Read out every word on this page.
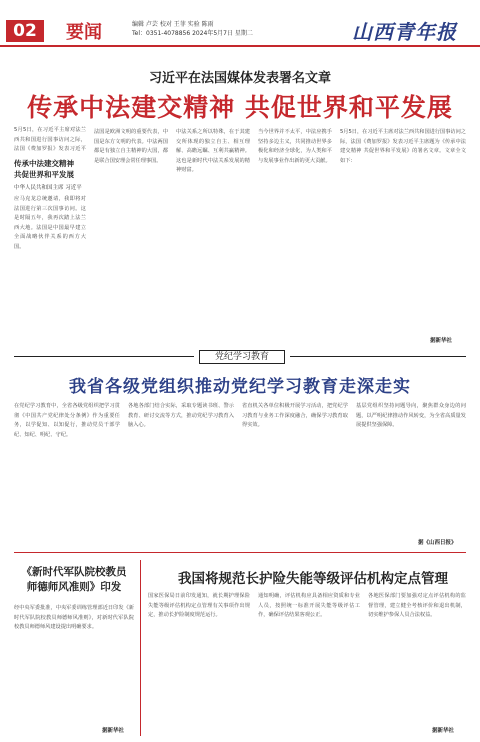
02	要闻	编辑 卢芸 校对 王菲 实验 陈雨
Tel：0351-4078856 2024年5月7日 星期二	山西青年报
习近平在法国媒体发表署名文章
传承中法建交精神 共促世界和平发展
5月5日，在习近平主席对法兰西共和国进行国事访问之际，法国《费加罗报》发表习近平
传承中法建交精神
共促世界和平发展
中华人民共和国主席 习近平
应马克龙总统邀请，我即将对法国进行第三次国事访问。这是时隔五年，我再次踏上法兰西大地。法国是中国最早建立全面战略伙伴关系的西方大国。
法国是欧洲文明的重要代表，中国是东方文明的代表。中法两国都是有独立自主精神的大国，都是联合国安理会常任理事国。
中法关系之所以特殊，在于其建交所体现的独立自主、相互理解、高瞻远瞩、互利共赢精神。这也是新时代中法关系发展的精神财富。
当今世界并不太平，中法应携手坚持多边主义，共同推动世界多极化和经济全球化，为人类和平与发展事业作出新的更大贡献。
5月5日，在习近平主席对法兰西共和国进行国事访问之际，法国《费加罗报》发表习近平主席题为《传承中法建交精神 共促世界和平发展》的署名文章。文章全文如下：
据新华社
党纪学习教育
我省各级党组织推动党纪学习教育走深走实
在党纪学习教育中，全省各级党组织把学习贯彻《中国共产党纪律处分条例》作为重要任务，以学促知、以知促行，推动党员干部学纪、知纪、明纪、守纪。
各地各部门结合实际，采取专题读书班、警示教育、研讨交流等方式，推动党纪学习教育入脑入心。
省直机关各单位积极开展学习活动，把党纪学习教育与业务工作深度融合，确保学习教育取得实效。
基层党组织坚持问题导向，聚焦群众身边的问题，以严明纪律推动作风转变，为全省高质量发展提供坚强保障。
据《山西日报》
《新时代军队院校教员
师德师风准则》印发
经中央军委批准，中央军委训练管理部近日印发《新时代军队院校教员师德师风准则》，对新时代军队院校教员师德师风建设提出明确要求。
据新华社
我国将规范长护险失能等级评估机构定点管理
国家医保局日前印发通知，就长期护理保险失能等级评估机构定点管理有关事项作出规定，推动长护险制度规范运行。
通知明确，评估机构应具备相应资质和专业人员，按照统一标准开展失能等级评估工作，确保评估结果客观公正。
各地医保部门要加强对定点评估机构的监督管理，建立健全考核评价和退出机制，切实维护参保人员合法权益。
据新华社
